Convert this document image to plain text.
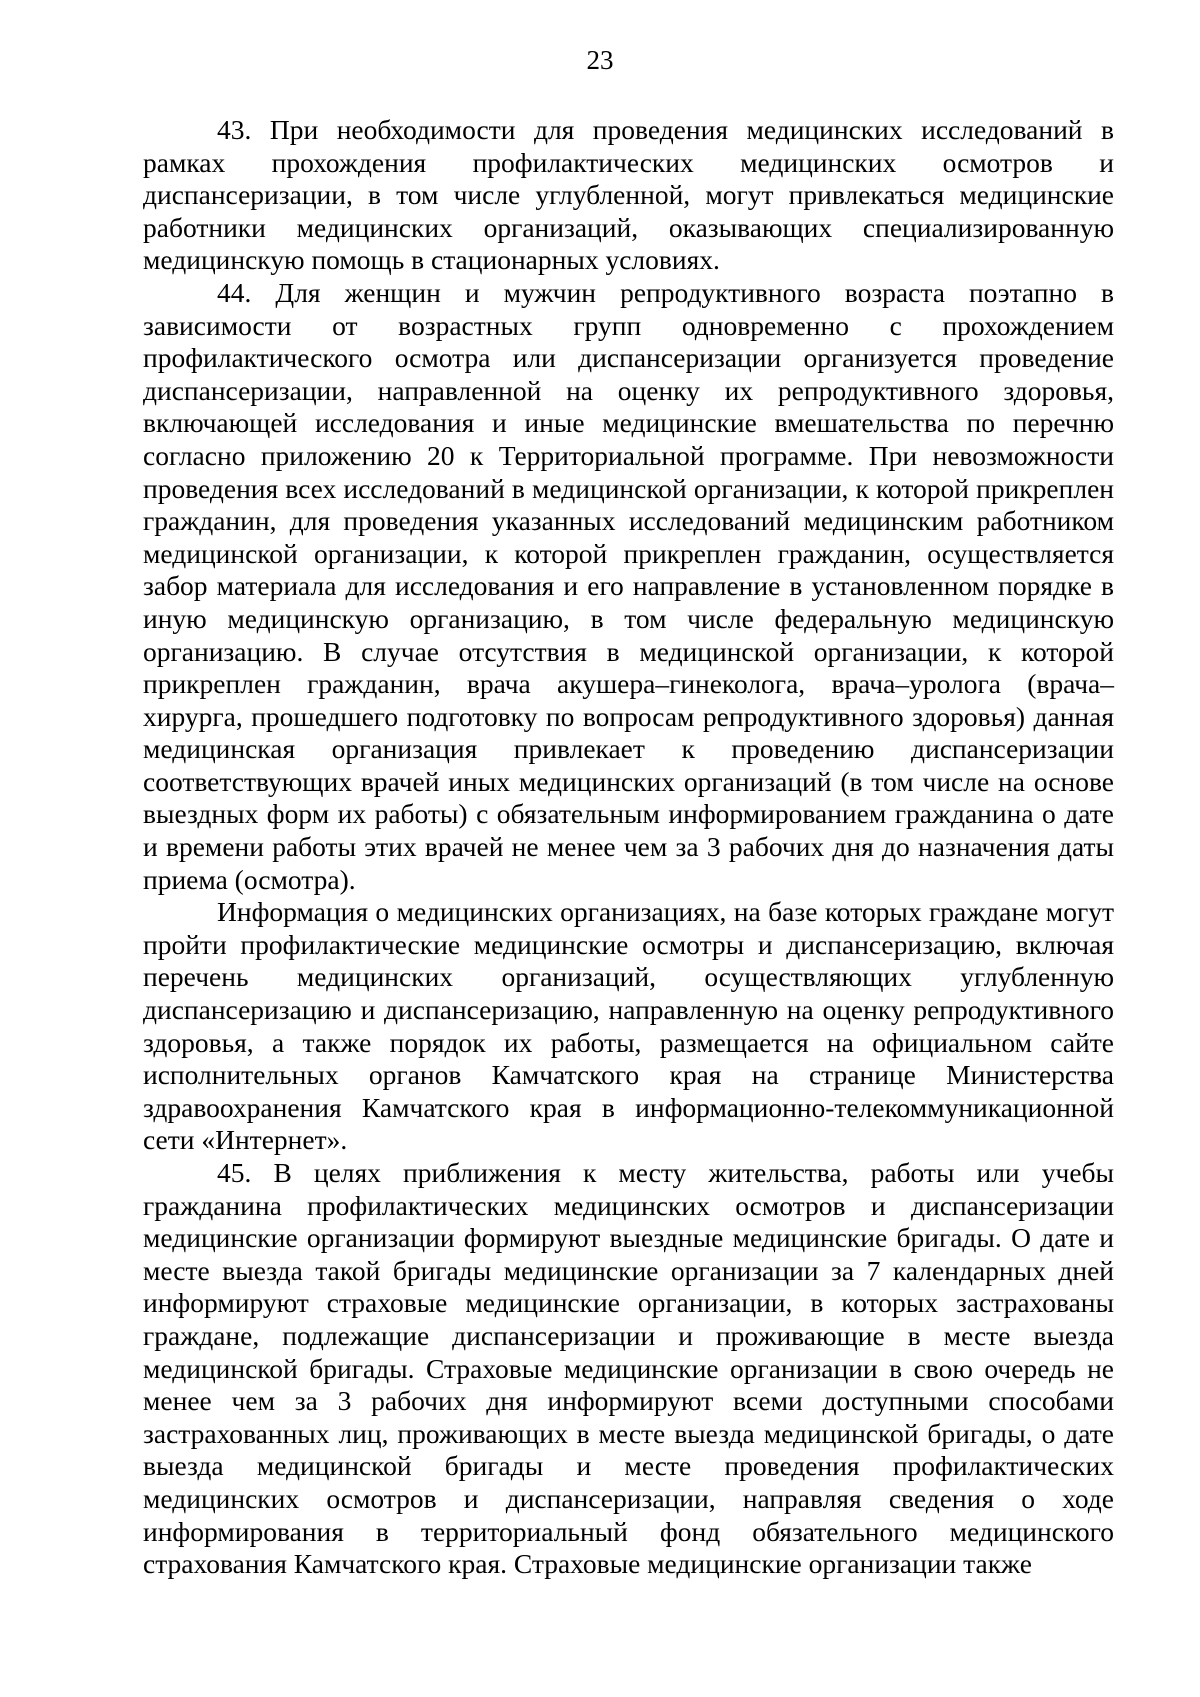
23

43. При необходимости для проведения медицинских исследований в рамках прохождения профилактических медицинских осмотров и диспансеризации, в том числе углубленной, могут привлекаться медицинские работники медицинских организаций, оказывающих специализированную медицинскую помощь в стационарных условиях.

44. Для женщин и мужчин репродуктивного возраста поэтапно в зависимости от возрастных групп одновременно с прохождением профилактического осмотра или диспансеризации организуется проведение диспансеризации, направленной на оценку их репродуктивного здоровья, включающей исследования и иные медицинские вмешательства по перечню согласно приложению 20 к Территориальной программе. При невозможности проведения всех исследований в медицинской организации, к которой прикреплен гражданин, для проведения указанных исследований медицинским работником медицинской организации, к которой прикреплен гражданин, осуществляется забор материала для исследования и его направление в установленном порядке в иную медицинскую организацию, в том числе федеральную медицинскую организацию. В случае отсутствия в медицинской организации, к которой прикреплен гражданин, врача акушера–гинеколога, врача–уролога (врача–хирурга, прошедшего подготовку по вопросам репродуктивного здоровья) данная медицинская организация привлекает к проведению диспансеризации соответствующих врачей иных медицинских организаций (в том числе на основе выездных форм их работы) с обязательным информированием гражданина о дате и времени работы этих врачей не менее чем за 3 рабочих дня до назначения даты приема (осмотра).

Информация о медицинских организациях, на базе которых граждане могут пройти профилактические медицинские осмотры и диспансеризацию, включая перечень медицинских организаций, осуществляющих углубленную диспансеризацию и диспансеризацию, направленную на оценку репродуктивного здоровья, а также порядок их работы, размещается на официальном сайте исполнительных органов Камчатского края на странице Министерства здравоохранения Камчатского края в информационно-телекоммуникационной сети «Интернет».

45. В целях приближения к месту жительства, работы или учебы гражданина профилактических медицинских осмотров и диспансеризации медицинские организации формируют выездные медицинские бригады. О дате и месте выезда такой бригады медицинские организации за 7 календарных дней информируют страховые медицинские организации, в которых застрахованы граждане, подлежащие диспансеризации и проживающие в месте выезда медицинской бригады. Страховые медицинские организации в свою очередь не менее чем за 3 рабочих дня информируют всеми доступными способами застрахованных лиц, проживающих в месте выезда медицинской бригады, о дате выезда медицинской бригады и месте проведения профилактических медицинских осмотров и диспансеризации, направляя сведения о ходе информирования в территориальный фонд обязательного медицинского страхования Камчатского края. Страховые медицинские организации также
